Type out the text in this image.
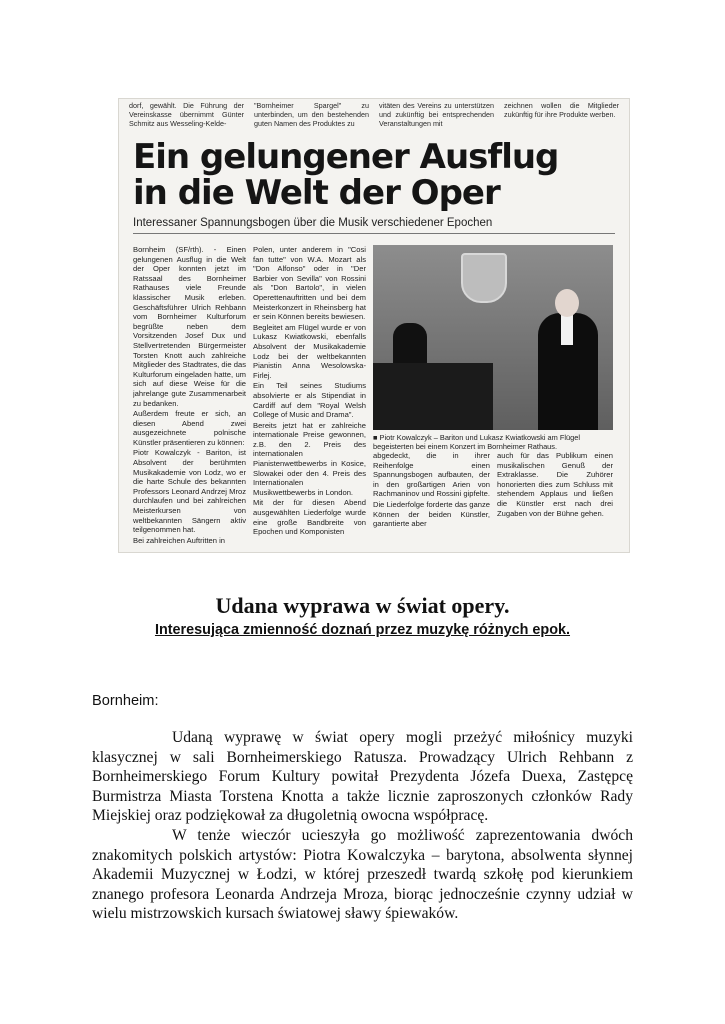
dorf, gewählt. Die Führung der Vereinskasse übernimmt Günter Schmitz aus Wesseling-Kelde-

"Bornheimer Spargel" zu unterbinden, um den bestehenden guten Namen des Produktes zu

vitäten des Vereins zu unterstützen und zukünftig bei entsprechenden Veranstaltungen mit

zeichnen wollen die Mitglieder zukünftig für ihre Produkte werben.

Ein gelungener Ausflug
in die Welt der Oper

Interessaner Spannungsbogen über die Musik verschiedener Epochen

Bornheim (SF/rth). - Einen gelungenen Ausflug in die Welt der Oper konnten jetzt im Ratssaal des Bornheimer Rathauses viele Freunde klassischer Musik erleben. Geschäftsführer Ulrich Rehbann vom Bornheimer Kulturforum begrüßte neben dem Vorsitzenden Josef Dux und Stellvertretenden Bürgermeister Torsten Knott auch zahlreiche Mitglieder des Stadtrates, die das Kulturforum eingeladen hatte, um sich auf diese Weise für die jahrelange gute Zusammenarbeit zu bedanken.

Außerdem freute er sich, an diesen Abend zwei ausgezeichnete polnische Künstler präsentieren zu können:

Piotr Kowalczyk - Bariton, ist Absolvent der berühmten Musikakademie von Lodz, wo er die harte Schule des bekannten Professors Leonard Andrzej Mroz durchlaufen und bei zahlreichen Meisterkursen von weltbekannten Sängern aktiv teilgenommen hat.

Bei zahlreichen Auftritten in

Polen, unter anderem in "Cosi fan tutte" von W.A. Mozart als "Don Alfonso" oder in "Der Barbier von Sevilla" von Rossini als "Don Bartolo", in vielen Operettenauftritten und bei dem Meisterkonzert in Rheinsberg hat er sein Können bereits bewiesen.

Begleitet am Flügel wurde er von Lukasz Kwiatkowski, ebenfalls Absolvent der Musikakademie Lodz bei der weltbekannten Pianistin Anna Wesolowska- Firlej.

Ein Teil seines Studiums absolvierte er als Stipendiat in Cardiff auf dem "Royal Welsh College of Music and Drama".

Bereits jetzt hat er zahlreiche internationale Preise gewonnen, z.B. den 2. Preis des internationalen Pianistenwettbewerbs in Kosice, Slowakei oder den 4. Preis des Internationalen Musikwettbewerbs in London.

Mit der für diesen Abend ausgewählten Liederfolge wurde eine große Bandbreite von Epochen und Komponisten

■ Piotr Kowalczyk – Bariton und Lukasz Kwiatkowski am Flügel begeisterten bei einem Konzert im Bornheimer Rathaus.

abgedeckt, die in ihrer Reihenfolge einen Spannungsbogen aufbauten, der in den großartigen Arien von Rachmaninov und Rossini gipfelte.

Die Liederfolge forderte das ganze Können der beiden Künstler, garantierte aber

auch für das Publikum einen musikalischen Genuß der Extraklasse. Die Zuhörer honorierten dies zum Schluss mit stehendem Applaus und ließen die Künstler erst nach drei Zugaben von der Bühne gehen.

Udana wyprawa w świat opery.

Interesująca zmienność doznań przez muzykę różnych epok.

Bornheim:

Udaną wyprawę w świat opery mogli przeżyć miłośnicy muzyki klasycznej w sali Bornheimerskiego Ratusza. Prowadzący Ulrich Rehbann z Bornheimerskiego Forum Kultury powitał Prezydenta Józefa Duexa, Zastępcę Burmistrza Miasta Torstena Knotta a także licznie zaproszonych członków Rady Miejskiej oraz podziękował za długoletnią owocna współpracę.

W tenże wieczór ucieszyła go możliwość zaprezentowania dwóch znakomitych polskich artystów: Piotra Kowalczyka – barytona, absolwenta słynnej Akademii Muzycznej w Łodzi, w której przeszedł twardą szkołę pod kierunkiem znanego profesora Leonarda Andrzeja Mroza, biorąc jednocześnie czynny udział w wielu mistrzowskich kursach światowej sławy śpiewaków.
